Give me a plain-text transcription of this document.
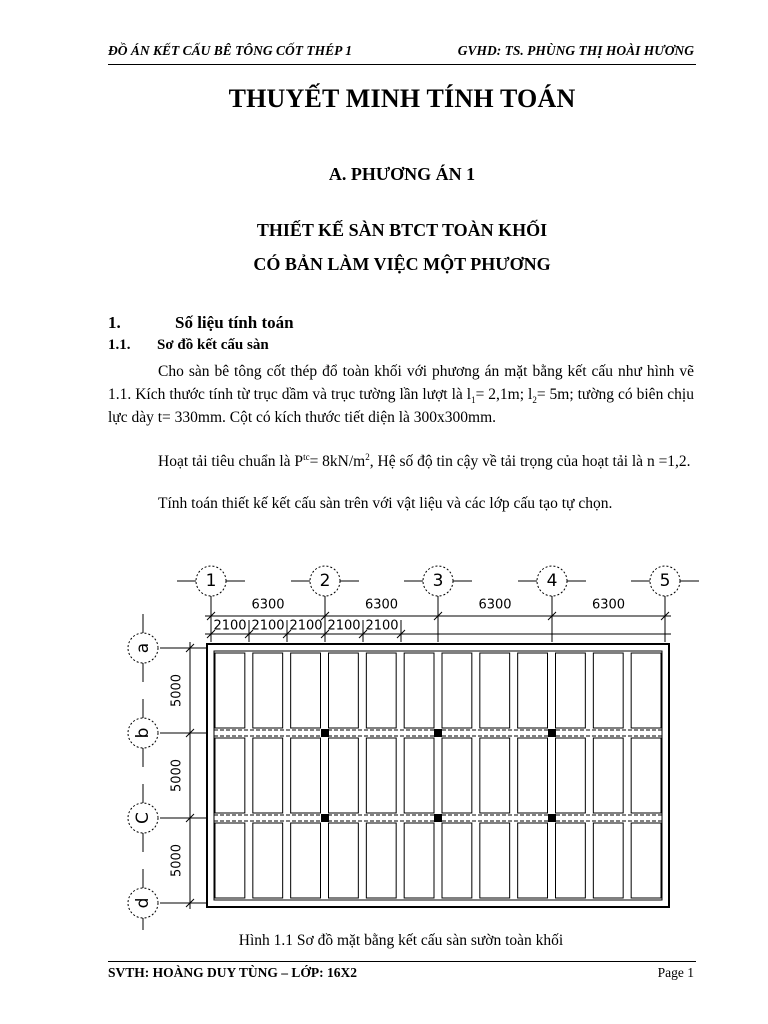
ĐỒ ÁN KẾT CẤU BÊ TÔNG CỐT THÉP 1	GVHD: TS. PHÙNG THỊ HOÀI HƯƠNG
THUYẾT MINH TÍNH TOÁN
A. PHƯƠNG ÁN 1
THIẾT KẾ SÀN BTCT TOÀN KHỐI
CÓ BẢN LÀM VIỆC MỘT PHƯƠNG
1.	Số liệu tính toán
1.1. Sơ đồ kết cấu sàn
Cho sàn bê tông cốt thép đổ toàn khối với phương án mặt bằng kết cấu như hình vẽ 1.1. Kích thước tính từ trục dầm và trục tường lần lượt là $l_1= 2,1m$; $l_2= 5m$; tường có biên chịu lực dày t= 330mm. Cột có kích thước tiết diện là 300x300mm.
Hoạt tải tiêu chuẩn là $P^{tc}= 8kN/m^2$, Hệ số độ tin cậy về tải trọng của hoạt tải là n =1,2.
Tính toán thiết kế kết cấu sàn trên với vật liệu và các lớp cấu tạo tự chọn.
1	2	3	4	5
6300	6300	6300	6300
2100 2100 2100 2100 2100
a
b
C
d
5000
5000
5000
Hình 1.1 Sơ đồ mặt bằng kết cấu sàn sườn toàn khối
SVTH: HOÀNG DUY TÙNG – LỚP: 16X2	Page 1
